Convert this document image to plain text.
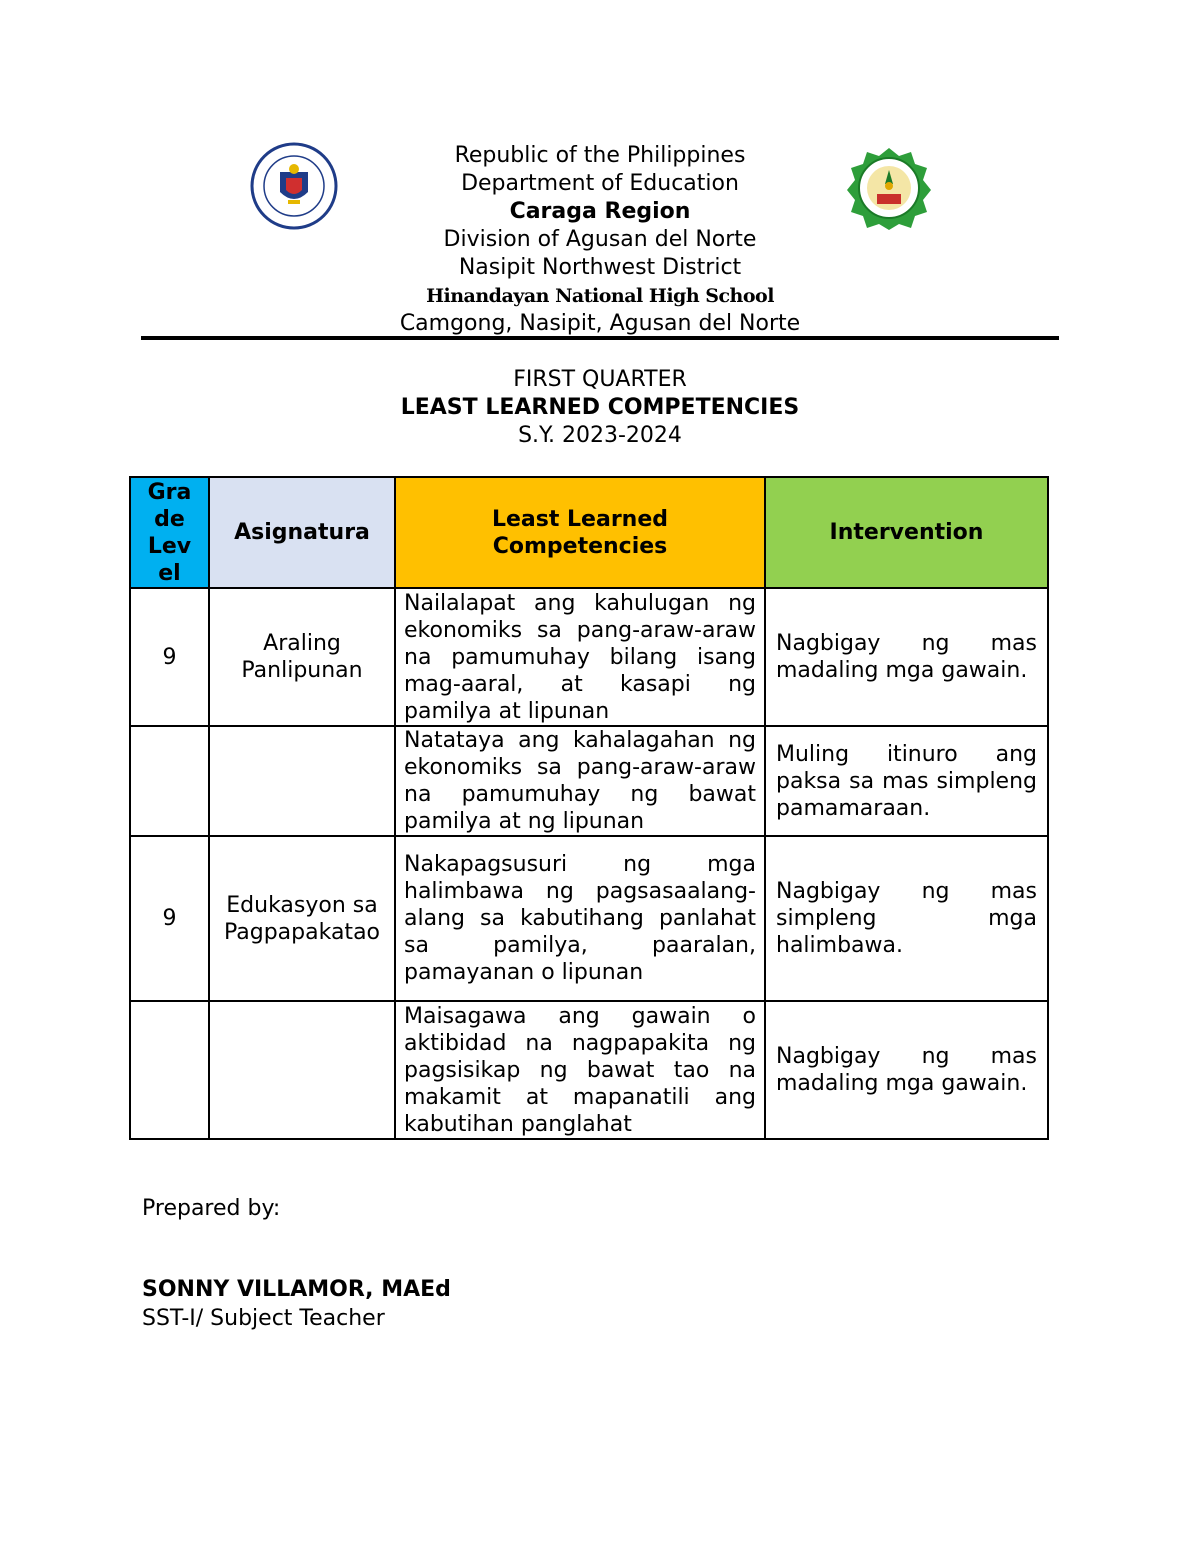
Republic of the Philippines
Department of Education
Caraga Region
Division of Agusan del Norte
Nasipit Northwest District
Hinandayan National High School
Camgong, Nasipit, Agusan del Norte
FIRST QUARTER
LEAST LEARNED COMPETENCIES
S.Y. 2023-2024
Gra de Lev el	Asignatura	Least Learned Competencies	Intervention
9	Araling Panlipunan	Nailalapat ang kahulugan ng ekonomiks sa pang-araw-araw na pamumuhay bilang isang mag-aaral, at kasapi ng pamilya at lipunan	Nagbigay ng mas madaling mga gawain.
		Natataya ang kahalagahan ng ekonomiks sa pang-araw-araw na pamumuhay ng bawat pamilya at ng lipunan	Muling itinuro ang paksa sa mas simpleng pamamaraan.
9	Edukasyon sa Pagpapakatao	Nakapagsusuri ng mga halimbawa ng pagsasaalang-alang sa kabutihang panlahat sa pamilya, paaralan, pamayanan o lipunan	Nagbigay ng mas simpleng mga halimbawa.
		Maisagawa ang gawain o aktibidad na nagpapakita ng pagsisikap ng bawat tao na makamit at mapanatili ang kabutihan panglahat	Nagbigay ng mas madaling mga gawain.
Prepared by:
SONNY VILLAMOR, MAEd
SST-I/ Subject Teacher
